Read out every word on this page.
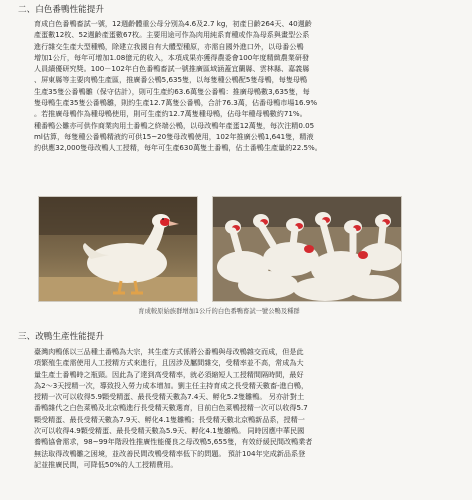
二、白色番鴨性能提升
育成白色番鴨畜試一號，12週齡體重公母分別為4.6及2.7 kg，初產日齡264天、40週齡
產蛋數12枚、52週齡產蛋數67枚。主要用途可作為肉用純系育種或作為母系與畫型公系
進行雜交生產大型種鴨，除建立我國自有大體型種原，亦需自國外進口外，以母番公鴨
增加1公斤，每年可增加1.08億元的收入，本項成果亦獲得農委會100年度精緻農業研發
人員績優研究獎。100－102年白色番鴨畜試一號推廣區域涵蓋宜蘭縣、雲林縣、嘉義縣
、屏東縣等主要肉鴨生產區，推廣番公鴨5,635隻，以每隻種公鴨配5隻母鴨，每隻母鴨
生產35隻公番鴨雛（保守估計），則可生產約63.6萬隻公番鴨：推廣母鴨數3,635隻，每
隻母鴨生產35隻公番鴨雛，則約生產12.7萬隻公番鴨，合計76.3萬，佔番母鴨市場16.9%
。若推廣母鴨作為種母鴨使用，則可生產約12.7萬隻種母鴨，佔母年種母鴨數約71%。
種番鴨公雛亦可供作商業肉用土番鴨之終端公鴨，以母改鴨年產蛋12萬隻，每次注精0.05
ml估算，每隻種公番鴨精液約可供15~20隻母改鴨使用，102年推廣公鴨1,641隻，精液
約供應32,000隻母改鴨人工授精，每年可生產630萬隻土番鴨，佔土番鴨生產量的22.5%。
育成較原始族群增加1公斤的白色番鴨畜試一號公鴨及種群
三、改鴨生產性能提升
臺灣肉鴨係以三品種土番鴨為大宗，其生產方式係將公番鴨與母改鴨雜交而成，但是此
項繁殖生產需使用人工授精方式來進行，且因涉及屬間雜交，受精率並不高，常成為大
量生產土番鴨時之瓶頸。因此為了達到高受精率，就必須縮短人工授精間隔時間，最好
為2～3天授精一次，導致投入勞力成本增加。劉主任主持育成之長受精天數畜-進白鴨，
授精一次可以收得5.9顆受精蛋、最長受精天數為7.4天、孵化5.2隻雛鴨。 另亦計對土
番鴨雜代之白色菜鴨及北京鴨進行長受精天數選育，目前白色菜鴨授精一次可以收得5.7
顆受精蛋、最長受精天數為7.9天、孵化4.1隻雛鴨；長受精天數北京鴨新品系，授精一
次可以收得4.9顆受精蛋、最長受精天數為5.9天、孵化4.1隻雛鴨。 同時因應中華民國
養鴨協會需求，98~99年階段性推廣性能優良之母改鴨5,655隻，有效紓緩民間改鴨業者
無法取得改鴨雛之困境，並改善民間改鴨受精率低下的問題。 預計104年完成新品系登
記並推廣民間，可降低50%的人工授精費用。
